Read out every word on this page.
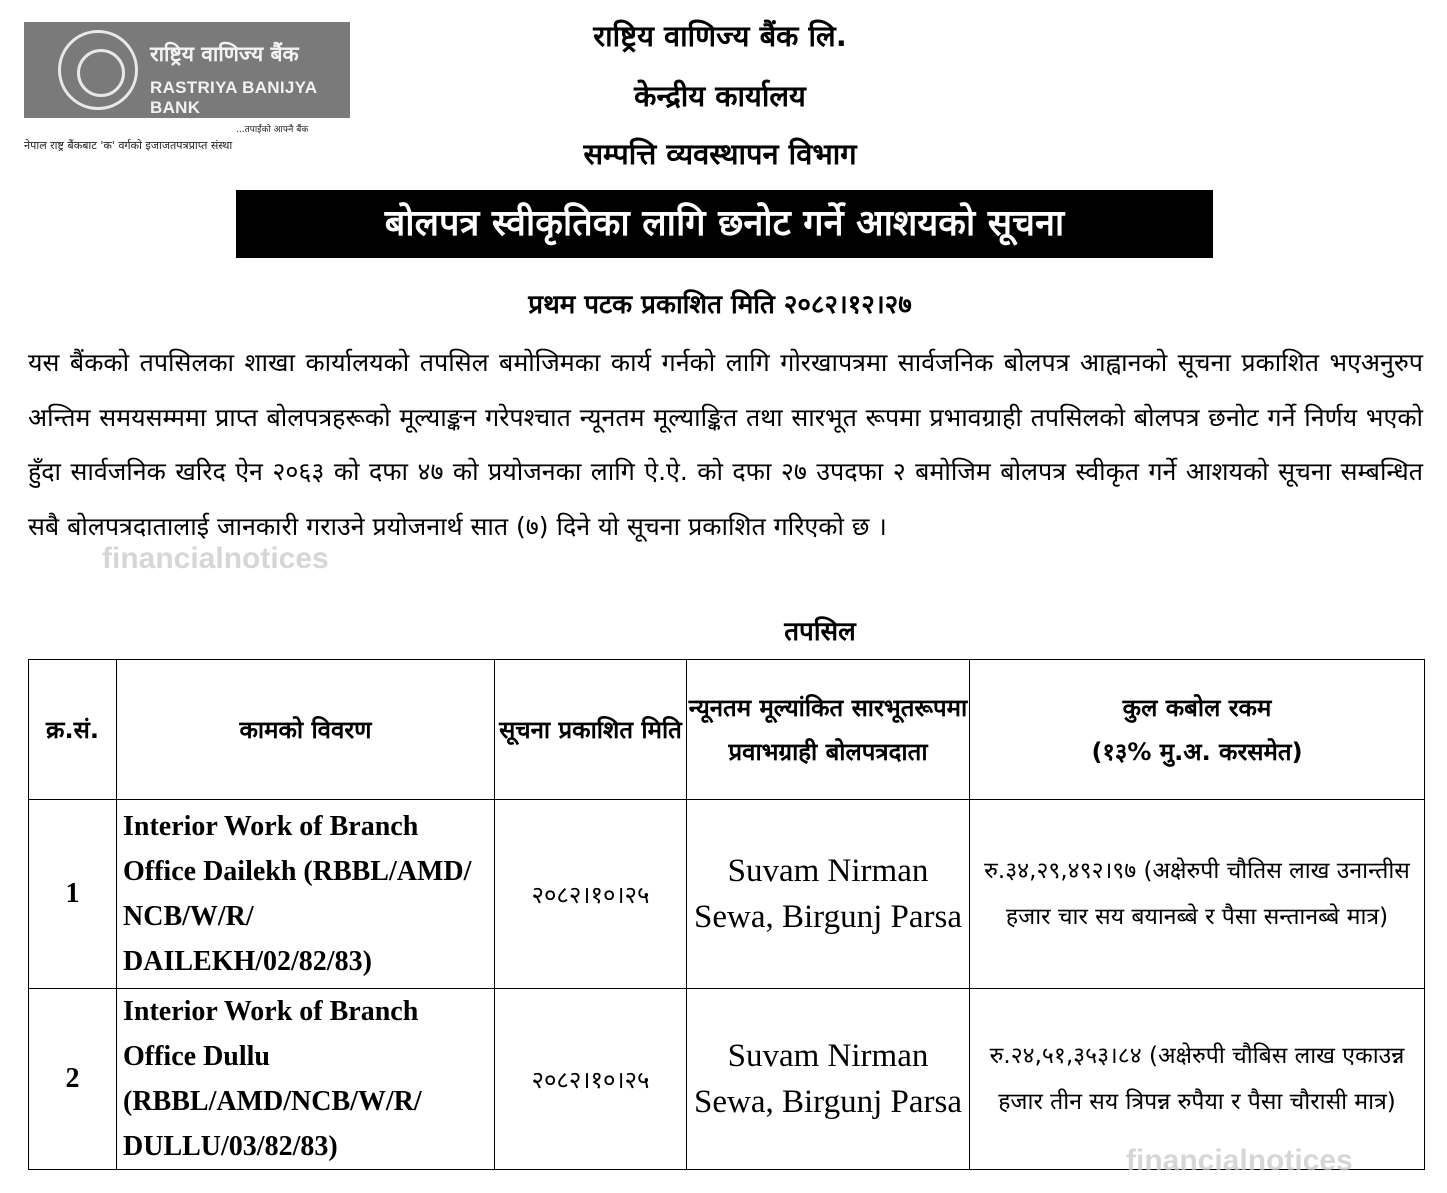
राष्ट्रिय वाणिज्य बैंक
RASTRIYA BANIJYA BANK
...तपाईंको आफ्नै बैंक
नेपाल राष्ट्र बैंकबाट 'क' वर्गको इजाजतपत्रप्राप्त संस्था
राष्ट्रिय वाणिज्य बैंक लि.
केन्द्रीय कार्यालय
सम्पत्ति व्यवस्थापन विभाग
बोलपत्र स्वीकृतिका लागि छनोट गर्ने आशयको सूचना
प्रथम पटक प्रकाशित मिति २०८२।१२।२७
यस बैंकको तपसिलका शाखा कार्यालयको तपसिल बमोजिमका कार्य गर्नको लागि गोरखापत्रमा सार्वजनिक बोलपत्र आह्वानको सूचना प्रकाशित भएअनुरुप अन्तिम समयसम्ममा प्राप्त बोलपत्रहरूको मूल्याङ्कन गरेपश्चात न्यूनतम मूल्याङ्कित तथा सारभूत रूपमा प्रभावग्राही तपसिलको बोलपत्र छनोट गर्ने निर्णय भएको हुँदा सार्वजनिक खरिद ऐन २०६३ को दफा ४७ को प्रयोजनका लागि ऐ.ऐ. को दफा २७ उपदफा २ बमोजिम बोलपत्र स्वीकृत गर्ने आशयको सूचना सम्बन्धित सबै बोलपत्रदातालाई जानकारी गराउने प्रयोजनार्थ सात (७) दिने यो सूचना प्रकाशित गरिएको छ ।
तपसिल
क्र.सं.	कामको विवरण	सूचना प्रकाशित मिति	न्यूनतम मूल्यांकित सारभूतरूपमा प्रवाभग्राही बोलपत्रदाता	कुल कबोल रकम
(१३% मु.अ. करसमेत)

1	Interior Work of Branch Office Dailekh (RBBL/AMD/ NCB/W/R/ DAILEKH/02/82/83)	२०८२।१०।२५	Suvam Nirman Sewa, Birgunj Parsa	रु.३४,२९,४९२।९७ (अक्षेरुपी चौतिस लाख उनान्तीस हजार चार सय बयानब्बे र पैसा सन्तानब्बे मात्र)
2	Interior Work of Branch Office Dullu (RBBL/AMD/NCB/W/R/ DULLU/03/82/83)	२०८२।१०।२५	Suvam Nirman Sewa, Birgunj Parsa	रु.२४,५१,३५३।८४ (अक्षेरुपी चौबिस लाख एकाउन्न हजार तीन सय त्रिपन्न रुपैया र पैसा चौरासी मात्र)
financialnotices
financialnotices
